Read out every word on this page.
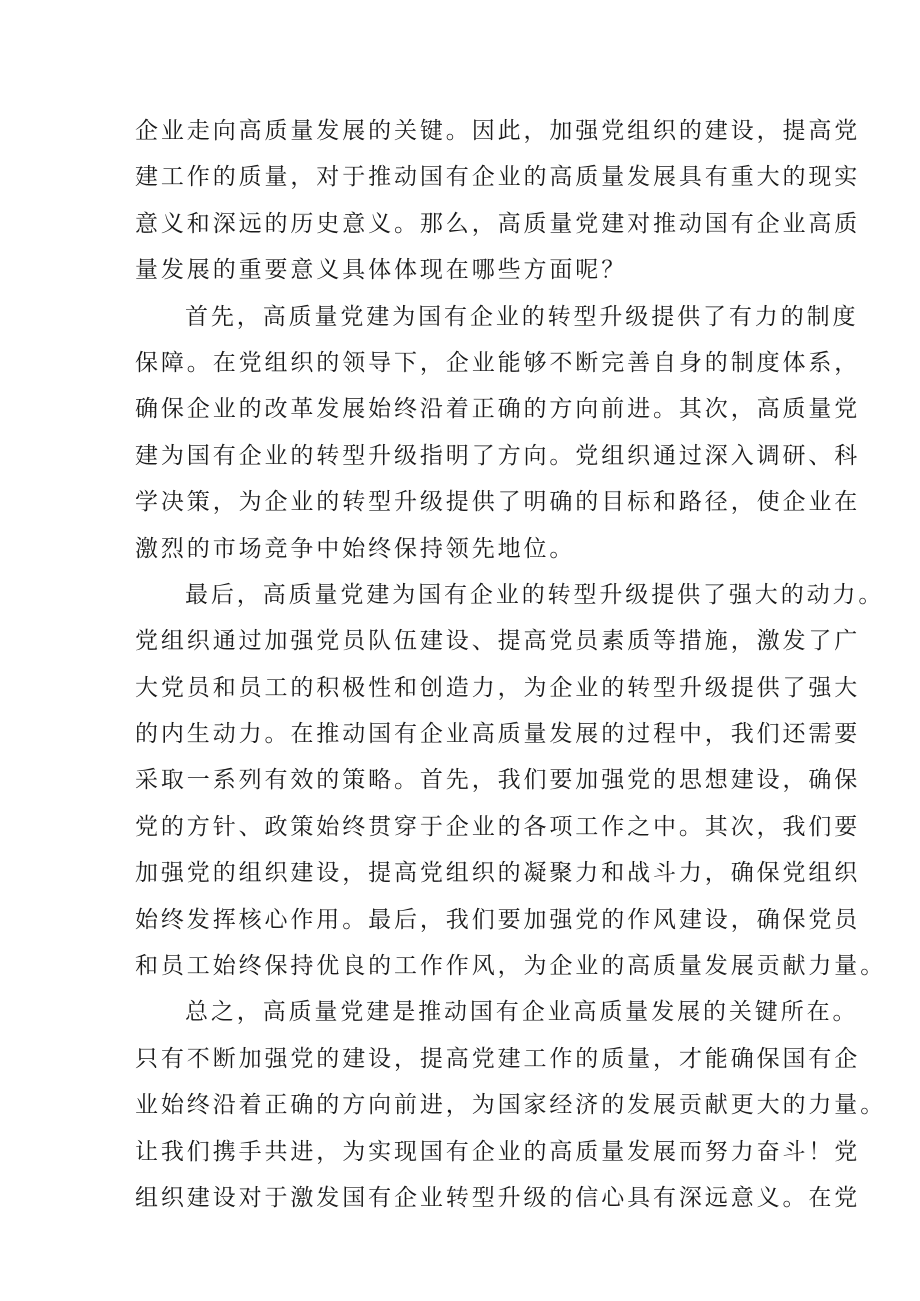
企业走向高质量发展的关键。因此，加强党组织的建设，提高党
建工作的质量，对于推动国有企业的高质量发展具有重大的现实
意义和深远的历史意义。那么，高质量党建对推动国有企业高质
量发展的重要意义具体体现在哪些方面呢？
首先，高质量党建为国有企业的转型升级提供了有力的制度
保障。在党组织的领导下，企业能够不断完善自身的制度体系，
确保企业的改革发展始终沿着正确的方向前进。其次，高质量党
建为国有企业的转型升级指明了方向。党组织通过深入调研、科
学决策，为企业的转型升级提供了明确的目标和路径，使企业在
激烈的市场竞争中始终保持领先地位。
最后，高质量党建为国有企业的转型升级提供了强大的动力。
党组织通过加强党员队伍建设、提高党员素质等措施，激发了广
大党员和员工的积极性和创造力，为企业的转型升级提供了强大
的内生动力。在推动国有企业高质量发展的过程中，我们还需要
采取一系列有效的策略。首先，我们要加强党的思想建设，确保
党的方针、政策始终贯穿于企业的各项工作之中。其次，我们要
加强党的组织建设，提高党组织的凝聚力和战斗力，确保党组织
始终发挥核心作用。最后，我们要加强党的作风建设，确保党员
和员工始终保持优良的工作作风，为企业的高质量发展贡献力量。
总之，高质量党建是推动国有企业高质量发展的关键所在。
只有不断加强党的建设，提高党建工作的质量，才能确保国有企
业始终沿着正确的方向前进，为国家经济的发展贡献更大的力量。
让我们携手共进，为实现国有企业的高质量发展而努力奋斗！党
组织建设对于激发国有企业转型升级的信心具有深远意义。在党
